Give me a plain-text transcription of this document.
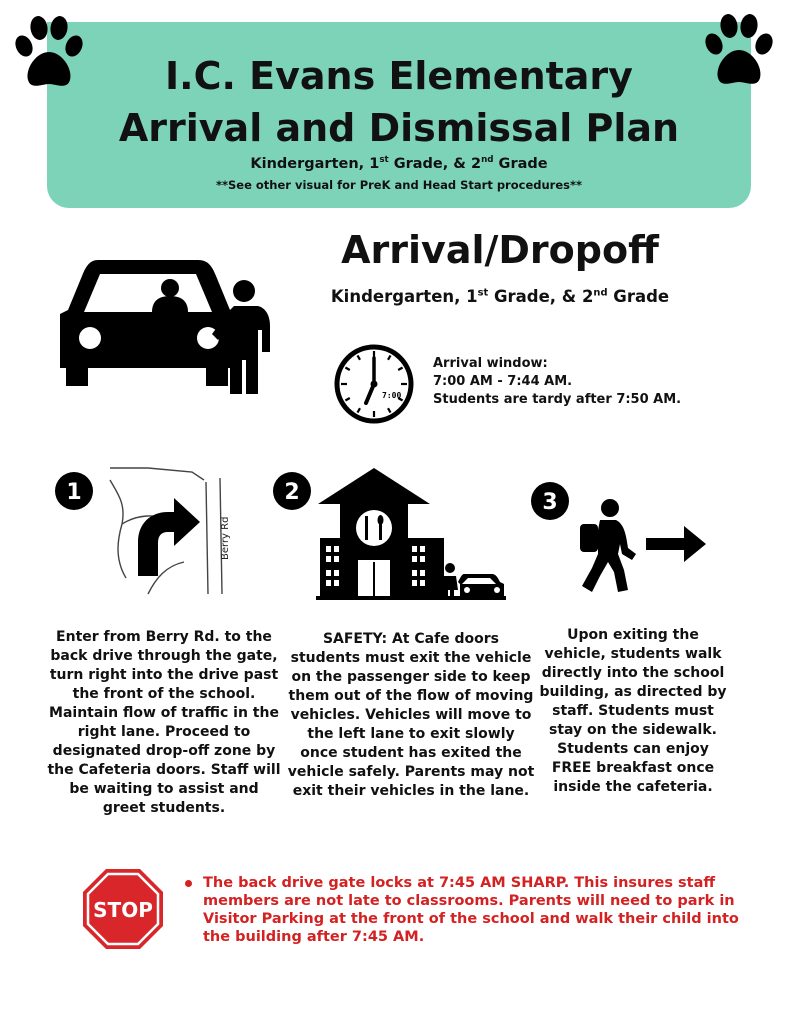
I.C. Evans Elementary
Arrival and Dismissal Plan
Kindergarten, 1st Grade, & 2nd Grade
**See other visual for PreK and Head Start procedures**
Arrival/Dropoff
Kindergarten, 1st Grade, & 2nd Grade
7:00
Arrival window:
7:00 AM - 7:44 AM.
Students are tardy after 7:50 AM.
1
Berry Rd
2	3
Enter from Berry Rd. to the back drive through the gate, turn right into the drive past the front of the school. Maintain flow of traffic in the right lane. Proceed to designated drop-off zone by the Cafeteria doors. Staff will be waiting to assist and greet students.
SAFETY: At Cafe doors students must exit the vehicle on the passenger side to keep them out of the flow of moving vehicles. Vehicles will move to the left lane to exit slowly once student has exited the vehicle safely. Parents may not exit their vehicles in the lane.
Upon exiting the vehicle, students walk directly into the school building, as directed by staff. Students must stay on the sidewalk. Students can enjoy FREE breakfast once inside the cafeteria.
STOP
The back drive gate locks at 7:45 AM SHARP. This insures staff members are not late to classrooms. Parents will need to park in Visitor Parking at the front of the school and walk their child into the building after 7:45 AM.
